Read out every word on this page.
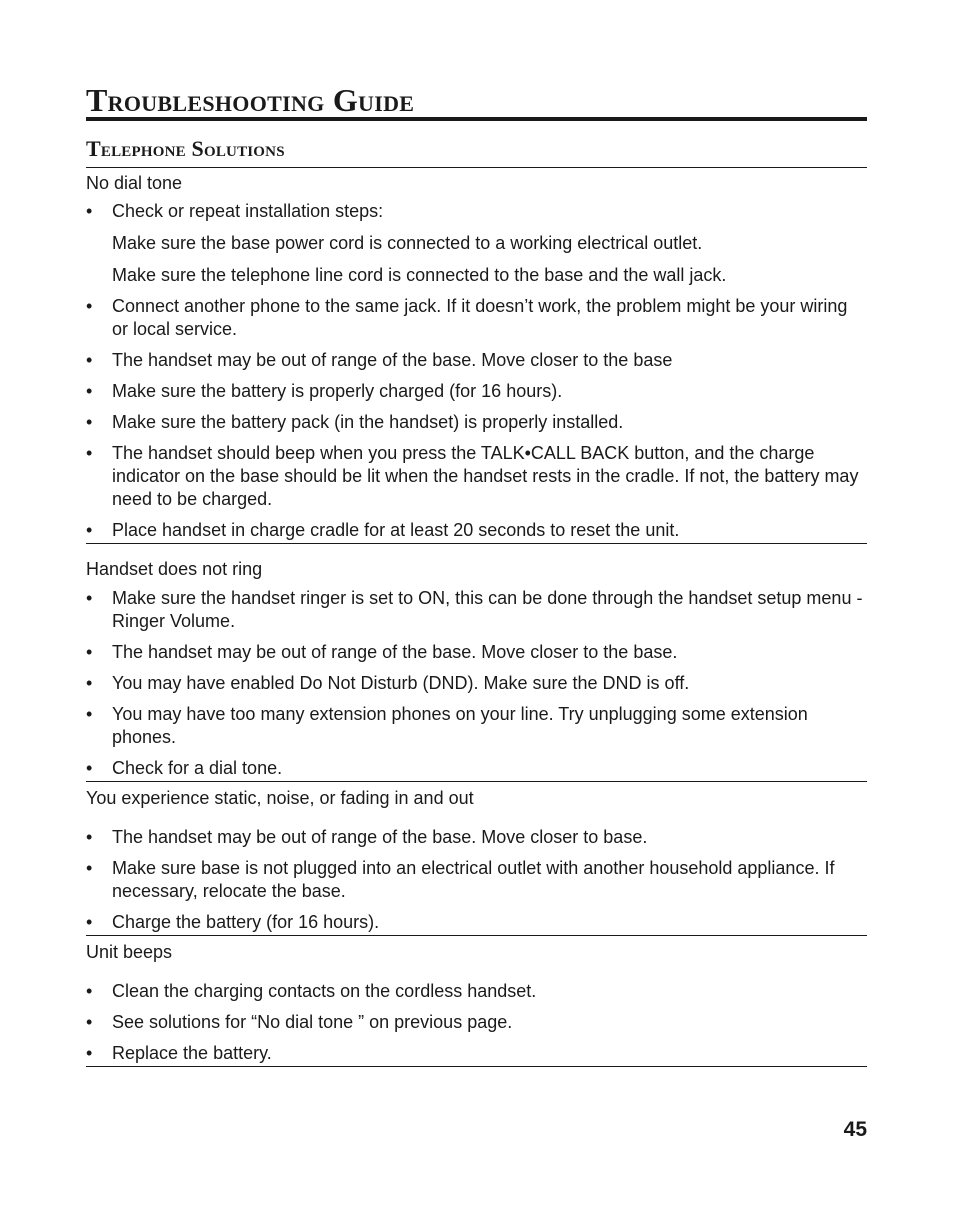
Troubleshooting Guide
Telephone Solutions

No dial tone

•	Check or repeat installation steps:

Make sure the base power cord is connected to a working electrical outlet.

Make sure the telephone line cord is connected to the base and the wall jack.

•	Connect another phone to the same jack. If it doesn’t work, the problem might be your wiring or local service.
•	The handset may be out of range of the base. Move closer to the base
•	Make sure the battery is properly charged (for 16 hours).
•	Make sure the battery pack (in the handset) is properly installed.
•	The handset should beep when you press the TALK•CALL BACK button, and the charge indicator on the base should be lit when the handset rests in the cradle. If not, the battery may need to be charged.
•	Place handset in charge cradle for at least 20 seconds to reset the unit.

Handset does not ring

•	Make sure the handset ringer is set to ON, this can be done through the handset setup menu - Ringer Volume.
•	The handset may be out of range of the base. Move closer to the base.
•	You may have enabled Do Not Disturb (DND). Make sure the DND is off.
•	You may have too many extension phones on your line. Try unplugging some extension phones.
•	Check for a dial tone.

You experience static, noise, or fading in and out

•	The handset may be out of range of the base. Move closer to base.
•	Make sure base is not plugged into an electrical outlet with another household appliance. If necessary, relocate the base.
•	Charge the battery (for 16 hours).

Unit beeps

•	Clean the charging contacts on the cordless handset.
•	See solutions for “No dial tone ” on previous page.
•	Replace the battery.

45
